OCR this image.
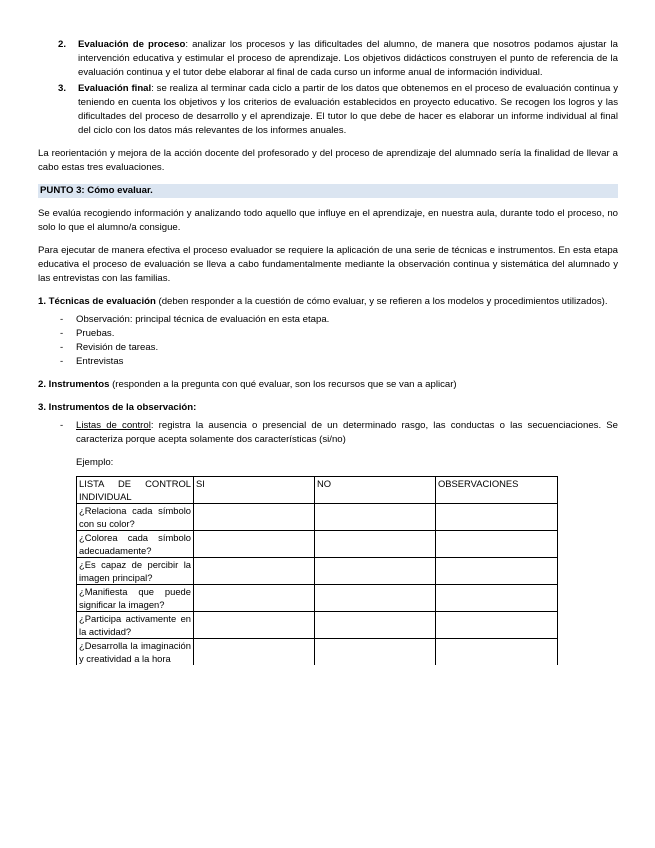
2. Evaluación de proceso: analizar los procesos y las dificultades del alumno, de manera que nosotros podamos ajustar la intervención educativa y estimular el proceso de aprendizaje. Los objetivos didácticos construyen el punto de referencia de la evaluación continua y el tutor debe elaborar al final de cada curso un informe anual de información individual.
3. Evaluación final: se realiza al terminar cada ciclo a partir de los datos que obtenemos en el proceso de evaluación continua y teniendo en cuenta los objetivos y los criterios de evaluación establecidos en proyecto educativo. Se recogen los logros y las dificultades del proceso de desarrollo y el aprendizaje. El tutor lo que debe de hacer es elaborar un informe individual al final del ciclo con los datos más relevantes de los informes anuales.

La reorientación y mejora de la acción docente del profesorado y del proceso de aprendizaje del alumnado sería la finalidad de llevar a cabo estas tres evaluaciones.

PUNTO 3: Cómo evaluar.

Se evalúa recogiendo información y analizando todo aquello que influye en el aprendizaje, en nuestra aula, durante todo el proceso, no solo lo que el alumno/a consigue.

Para ejecutar de manera efectiva el proceso evaluador se requiere la aplicación de una serie de técnicas e instrumentos. En esta etapa educativa el proceso de evaluación se lleva a cabo fundamentalmente mediante la observación continua y sistemática del alumnado y las entrevistas con las familias.

1. Técnicas de evaluación (deben responder a la cuestión de cómo evaluar, y se refieren a los modelos y procedimientos utilizados).

- Observación: principal técnica de evaluación en esta etapa.
- Pruebas.
- Revisión de tareas.
- Entrevistas

2. Instrumentos (responden a la pregunta con qué evaluar, son los recursos que se van a aplicar)

3. Instrumentos de la observación:

- Listas de control: registra la ausencia o presencial de un determinado rasgo, las conductas o las secuenciaciones. Se caracteriza porque acepta solamente dos características (si/no)

Ejemplo:

LISTA DE CONTROL INDIVIDUAL	SI	NO	OBSERVACIONES
¿Relaciona cada símbolo con su color?			
¿Colorea cada símbolo adecuadamente?			
¿Es capaz de percibir la imagen principal?			
¿Manifiesta que puede significar la imagen?			
¿Participa activamente en la actividad?			
¿Desarrolla la imaginación y creatividad a la hora			
